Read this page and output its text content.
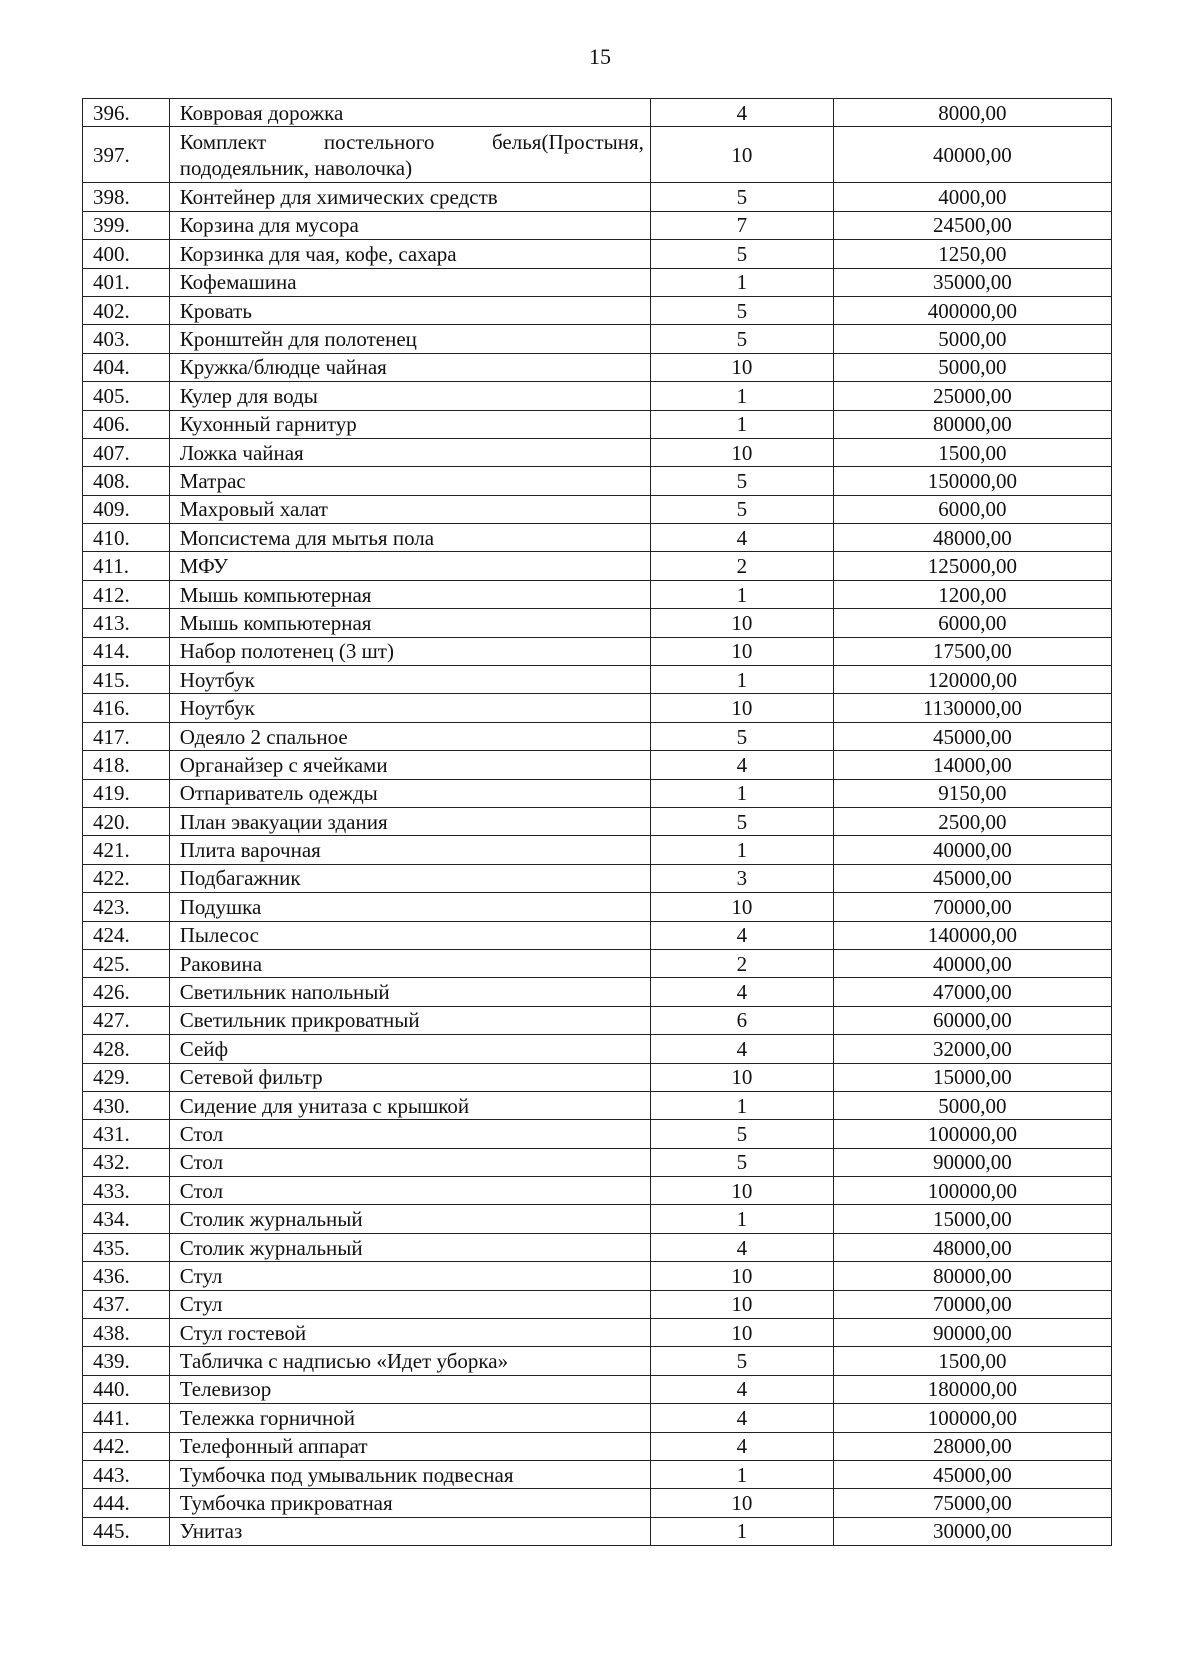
15
396.	Ковровая дорожка	4	8000,00
397.	Комплект постельного белья(Простыня, пододеяльник, наволочка)	10	40000,00
398.	Контейнер для химических средств	5	4000,00
399.	Корзина для мусора	7	24500,00
400.	Корзинка для чая, кофе, сахара	5	1250,00
401.	Кофемашина	1	35000,00
402.	Кровать	5	400000,00
403.	Кронштейн для полотенец	5	5000,00
404.	Кружка/блюдце чайная	10	5000,00
405.	Кулер для воды	1	25000,00
406.	Кухонный гарнитур	1	80000,00
407.	Ложка чайная	10	1500,00
408.	Матрас	5	150000,00
409.	Махровый халат	5	6000,00
410.	Мопсистема для мытья пола	4	48000,00
411.	МФУ	2	125000,00
412.	Мышь компьютерная	1	1200,00
413.	Мышь компьютерная	10	6000,00
414.	Набор полотенец (3 шт)	10	17500,00
415.	Ноутбук	1	120000,00
416.	Ноутбук	10	1130000,00
417.	Одеяло 2 спальное	5	45000,00
418.	Органайзер с ячейками	4	14000,00
419.	Отпариватель одежды	1	9150,00
420.	План эвакуации здания	5	2500,00
421.	Плита варочная	1	40000,00
422.	Подбагажник	3	45000,00
423.	Подушка	10	70000,00
424.	Пылесос	4	140000,00
425.	Раковина	2	40000,00
426.	Светильник напольный	4	47000,00
427.	Светильник прикроватный	6	60000,00
428.	Сейф	4	32000,00
429.	Сетевой фильтр	10	15000,00
430.	Сидение для унитаза с крышкой	1	5000,00
431.	Стол	5	100000,00
432.	Стол	5	90000,00
433.	Стол	10	100000,00
434.	Столик журнальный	1	15000,00
435.	Столик журнальный	4	48000,00
436.	Стул	10	80000,00
437.	Стул	10	70000,00
438.	Стул гостевой	10	90000,00
439.	Табличка с надписью «Идет уборка»	5	1500,00
440.	Телевизор	4	180000,00
441.	Тележка горничной	4	100000,00
442.	Телефонный аппарат	4	28000,00
443.	Тумбочка под умывальник подвесная	1	45000,00
444.	Тумбочка прикроватная	10	75000,00
445.	Унитаз	1	30000,00
